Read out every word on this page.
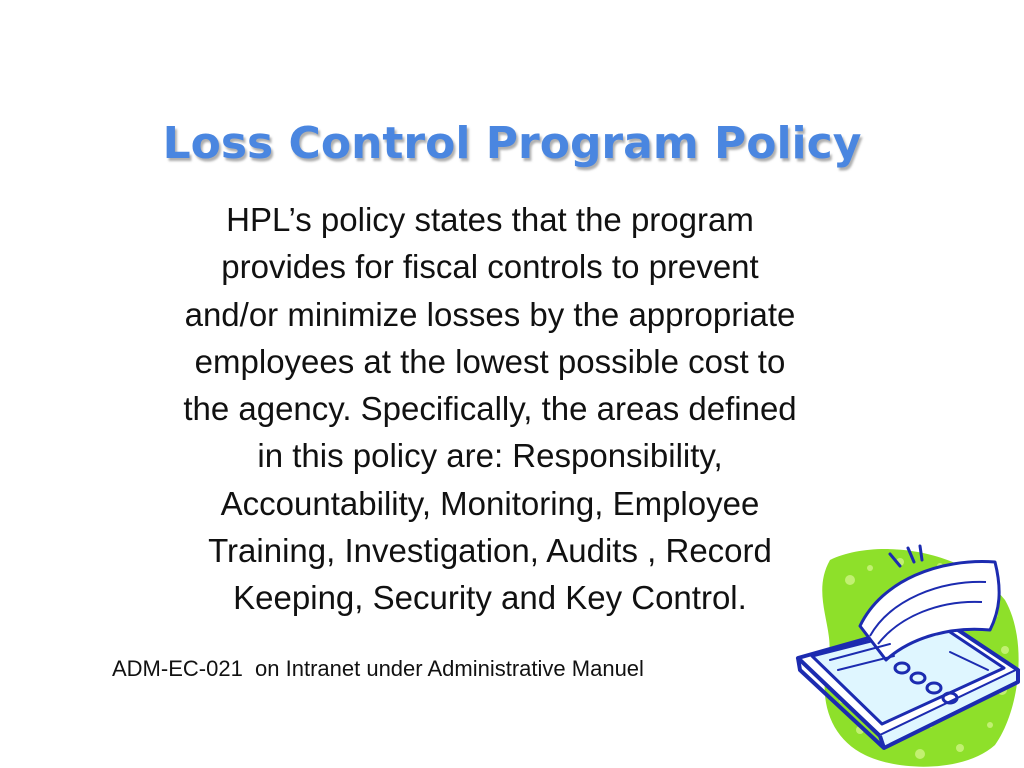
Loss Control Program Policy

HPL’s policy states that the program
provides for fiscal controls to prevent
and/or minimize losses by the appropriate
employees at the lowest possible cost to
the agency. Specifically, the areas defined
in this policy are: Responsibility,
Accountability, Monitoring, Employee
Training, Investigation, Audits , Record
Keeping, Security and Key Control.

ADM-EC-021  on Intranet under Administrative Manuel
